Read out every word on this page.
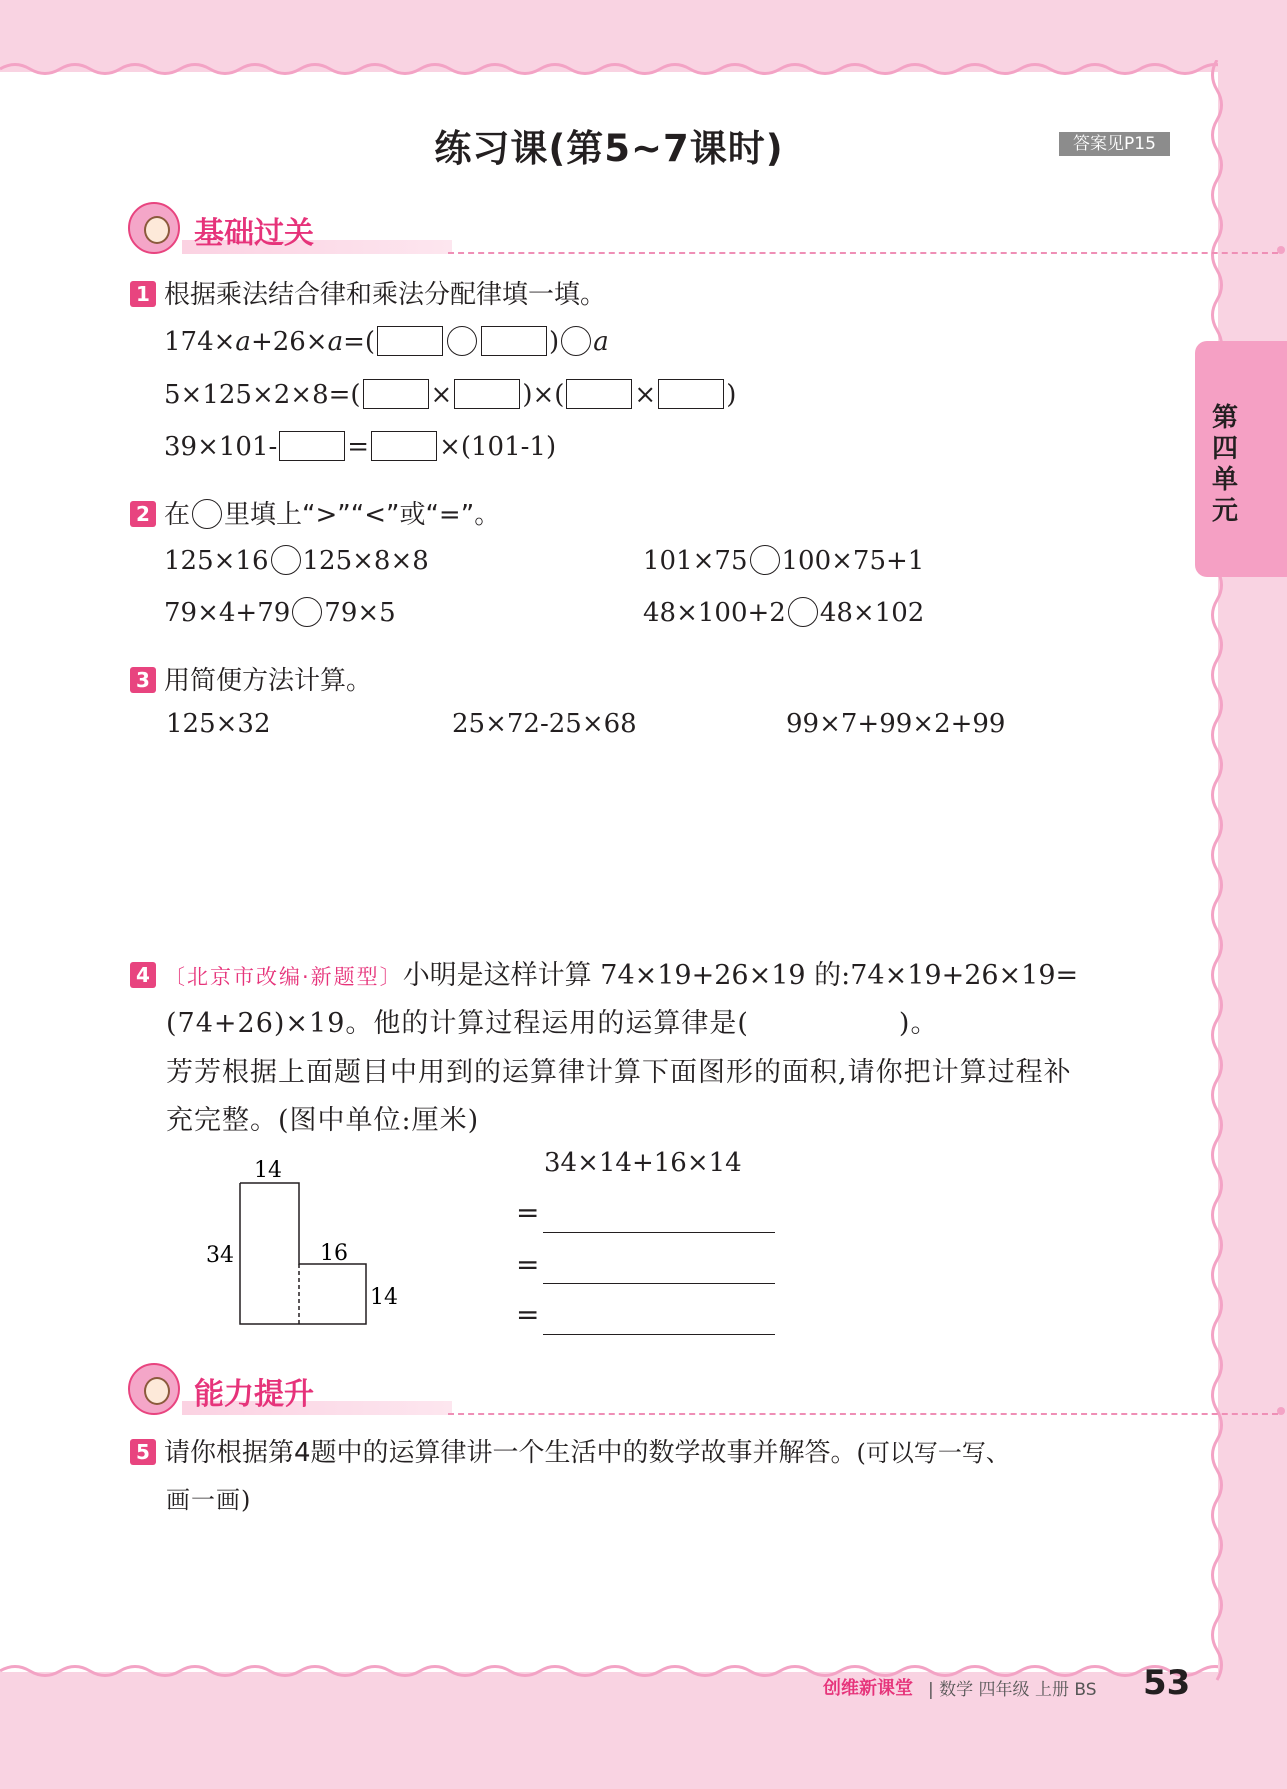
第四单元
练习课(第5~7课时)	答案见P15
基础过关
1 根据乘法结合律和乘法分配律填一填。
174×a+26×a=(	) a
5×125×2×8=(	×	)×(	×	)
39×101-	=	×(101-1)
2 在 里填上“>”“<”或“=”。
125×16 125×8×8	101×75 100×75+1
79×4+79 79×5	48×100+2 48×102
3 用简便方法计算。
125×32	25×72-25×68	99×7+99×2+99
4 〔北京市改编·新题型〕小明是这样计算 74×19+26×19 的:74×19+26×19=
(74+26)×19。他的计算过程运用的运算律是(	)。
芳芳根据上面题目中用到的运算律计算下面图形的面积,请你把计算过程补
充完整。(图中单位:厘米)
14
34	16
14
34×14+16×14
=
=
=
能力提升
5 请你根据第4题中的运算律讲一个生活中的数学故事并解答。(可以写一写、
画一画)
创维新课堂 | 数学 四年级 上册 BS 53
